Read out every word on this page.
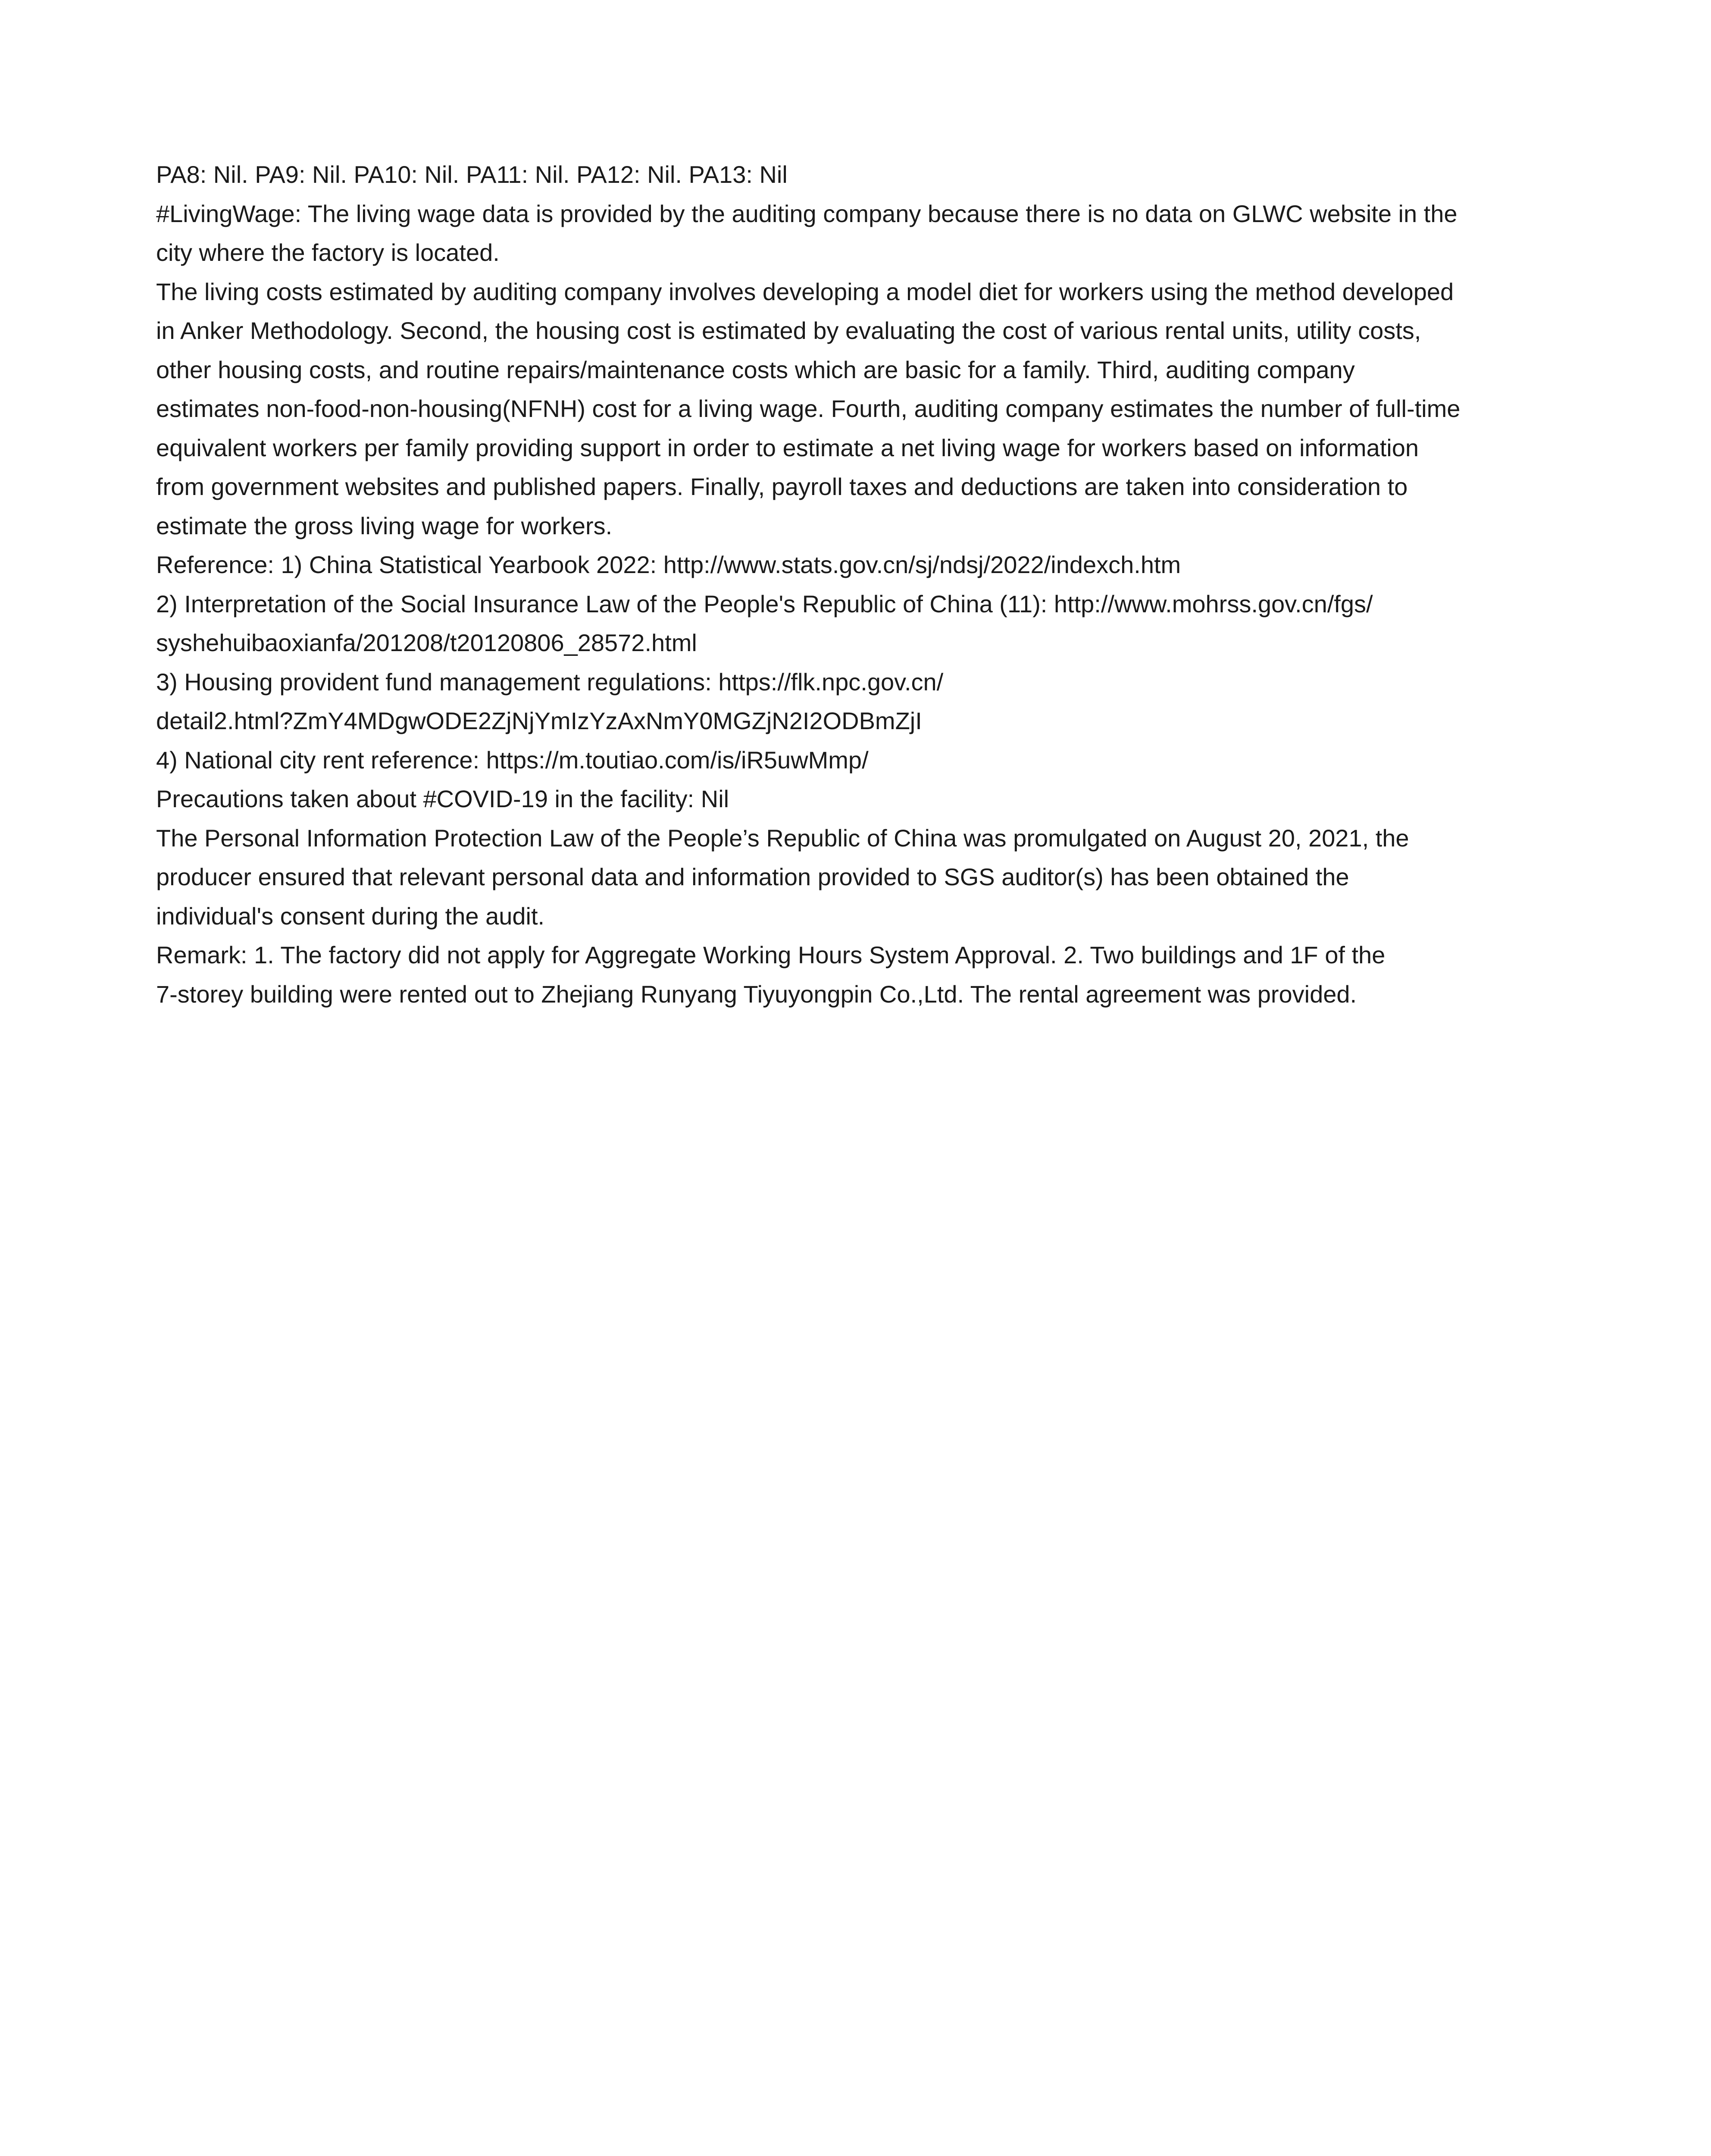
PA8: Nil. PA9: Nil. PA10: Nil. PA11: Nil. PA12: Nil. PA13: Nil

#LivingWage: The living wage data is provided by the auditing company because there is no data on GLWC website in the

city where the factory is located.

The living costs estimated by auditing company involves developing a model diet for workers using the method developed

in Anker Methodology. Second, the housing cost is estimated by evaluating the cost of various rental units, utility costs,

other housing costs, and routine repairs/maintenance costs which are basic for a family. Third, auditing company

estimates non-food-non-housing(NFNH) cost for a living wage. Fourth, auditing company estimates the number of full-time

equivalent workers per family providing support in order to estimate a net living wage for workers based on information

from government websites and published papers. Finally, payroll taxes and deductions are taken into consideration to

estimate the gross living wage for workers.

Reference: 1) China Statistical Yearbook 2022: http://www.stats.gov.cn/sj/ndsj/2022/indexch.htm

2) Interpretation of the Social Insurance Law of the People's Republic of China (11): http://www.mohrss.gov.cn/fgs/

syshehuibaoxianfa/201208/t20120806_28572.html

3) Housing provident fund management regulations: https://flk.npc.gov.cn/

detail2.html?ZmY4MDgwODE2ZjNjYmIzYzAxNmY0MGZjN2I2ODBmZjI

4) National city rent reference: https://m.toutiao.com/is/iR5uwMmp/

Precautions taken about #COVID-19 in the facility: Nil

The Personal Information Protection Law of the People’s Republic of China was promulgated on August 20, 2021, the

producer ensured that relevant personal data and information provided to SGS auditor(s) has been obtained the

individual's consent during the audit.

Remark: 1. The factory did not apply for Aggregate Working Hours System Approval. 2. Two buildings and 1F of the

7-storey building were rented out to Zhejiang Runyang Tiyuyongpin Co.,Ltd. The rental agreement was provided.
